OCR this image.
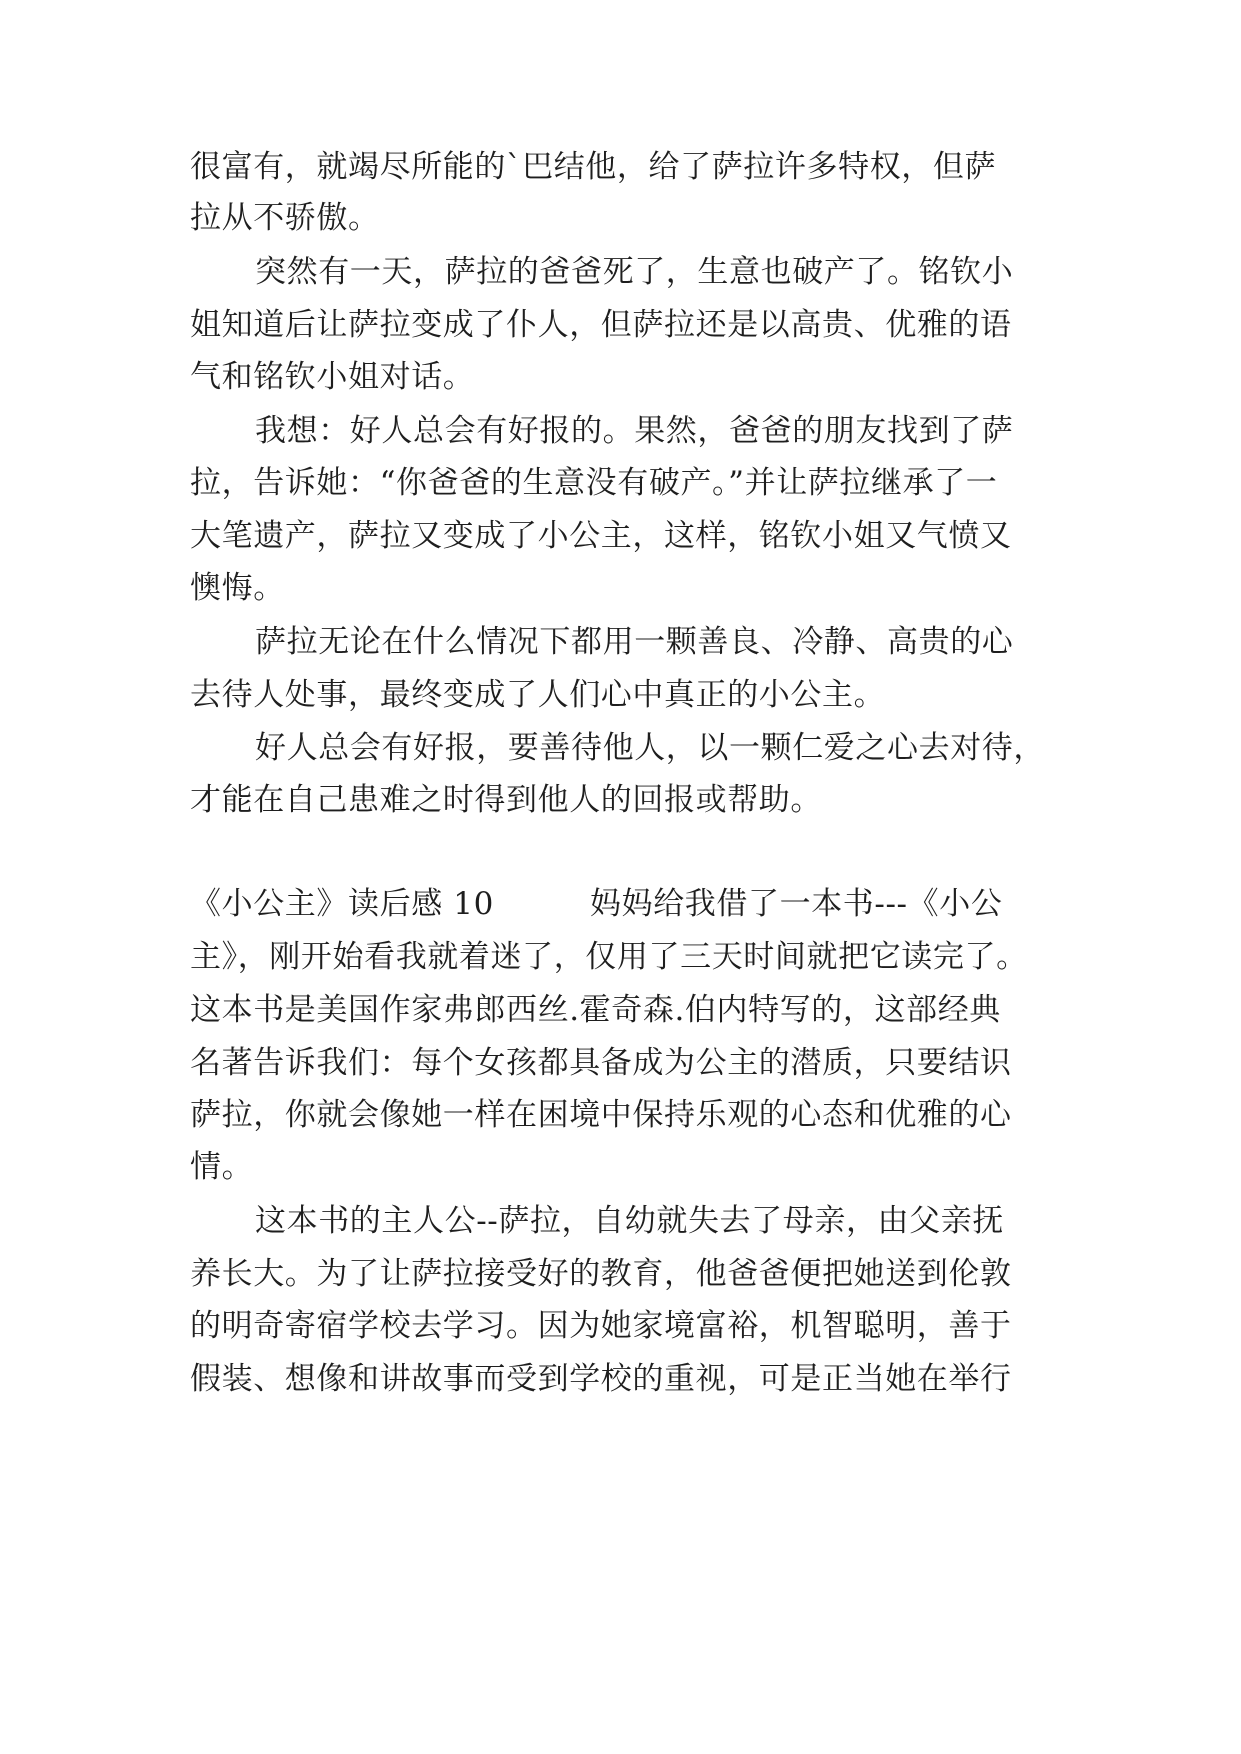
很富有，就竭尽所能的`巴结他，给了萨拉许多特权，但萨

拉从不骄傲。

突然有一天，萨拉的爸爸死了，生意也破产了。铭钦小

姐知道后让萨拉变成了仆人，但萨拉还是以高贵、优雅的语

气和铭钦小姐对话。

我想：好人总会有好报的。果然，爸爸的朋友找到了萨

拉，告诉她：“你爸爸的生意没有破产。”并让萨拉继承了一

大笔遗产，萨拉又变成了小公主，这样，铭钦小姐又气愤又

懊悔。

萨拉无论在什么情况下都用一颗善良、冷静、高贵的心

去待人处事，最终变成了人们心中真正的小公主。

好人总会有好报，要善待他人，以一颗仁爱之心去对待，

才能在自己患难之时得到他人的回报或帮助。

《小公主》读后感 10	妈妈给我借了一本书---《小公

主》，刚开始看我就着迷了，仅用了三天时间就把它读完了。

这本书是美国作家弗郎西丝.霍奇森.伯内特写的，这部经典

名著告诉我们：每个女孩都具备成为公主的潜质，只要结识

萨拉，你就会像她一样在困境中保持乐观的心态和优雅的心

情。

这本书的主人公--萨拉，自幼就失去了母亲，由父亲抚

养长大。为了让萨拉接受好的教育，他爸爸便把她送到伦敦

的明奇寄宿学校去学习。因为她家境富裕，机智聪明，善于

假装、想像和讲故事而受到学校的重视，可是正当她在举行
